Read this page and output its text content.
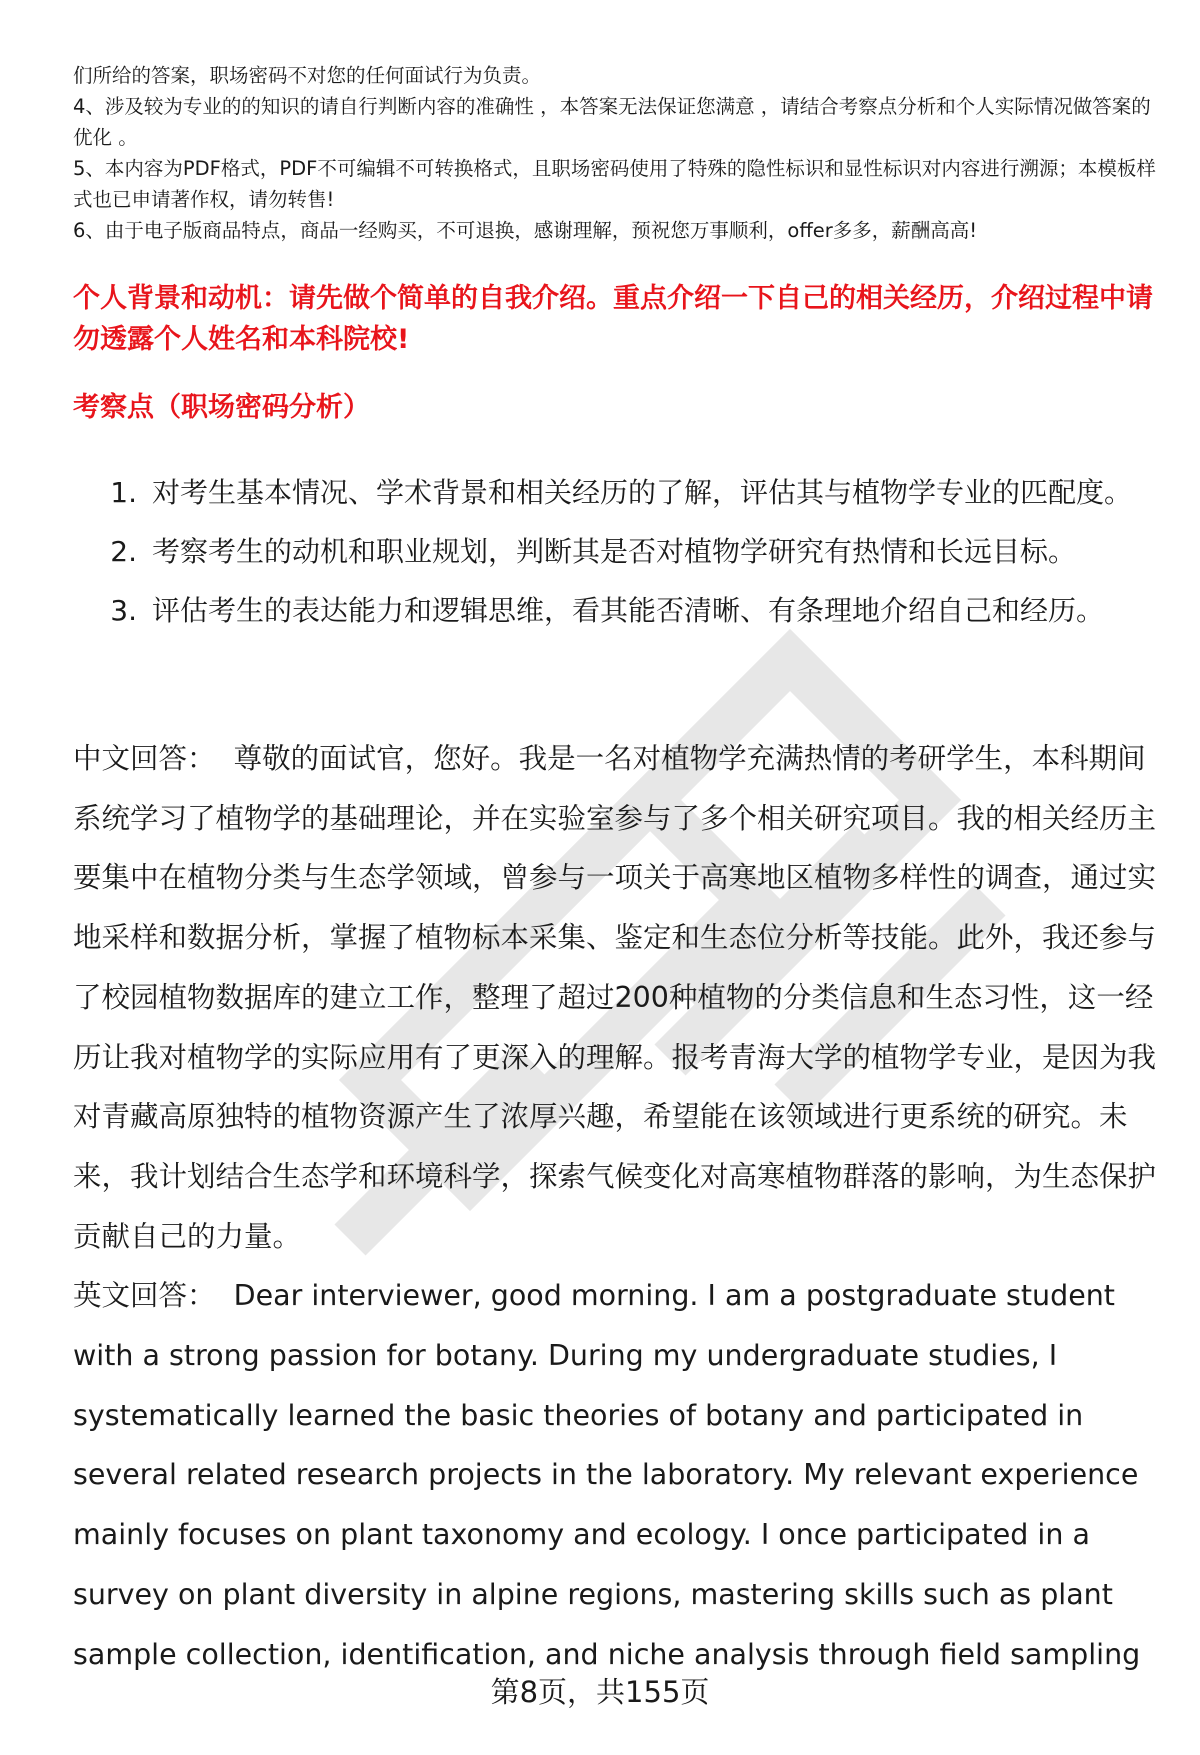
们所给的答案，职场密码不对您的任何面试行为负责。

4、涉及较为专业的的知识的请自行判断内容的准确性 ，本答案无法保证您满意 ，请结合考察点分析和个人实际情况做答案的优化 。

5、本内容为PDF格式，PDF不可编辑不可转换格式，且职场密码使用了特殊的隐性标识和显性标识对内容进行溯源；本模板样式也已申请著作权，请勿转售!

6、由于电子版商品特点，商品一经购买，不可退换，感谢理解，预祝您万事顺利，offer多多，薪酬高高!

个人背景和动机：请先做个简单的自我介绍。重点介绍一下自己的相关经历，介绍过程中请勿透露个人姓名和本科院校!
考察点（职场密码分析）
1. 对考生基本情况、学术背景和相关经历的了解，评估其与植物学专业的匹配度。
2. 考察考生的动机和职业规划，判断其是否对植物学研究有热情和长远目标。
3. 评估考生的表达能力和逻辑思维，看其能否清晰、有条理地介绍自己和经历。

中文回答： 尊敬的面试官，您好。我是一名对植物学充满热情的考研学生，本科期间系统学习了植物学的基础理论，并在实验室参与了多个相关研究项目。我的相关经历主要集中在植物分类与生态学领域，曾参与一项关于高寒地区植物多样性的调查，通过实地采样和数据分析，掌握了植物标本采集、鉴定和生态位分析等技能。此外，我还参与了校园植物数据库的建立工作，整理了超过200种植物的分类信息和生态习性，这一经历让我对植物学的实际应用有了更深入的理解。报考青海大学的植物学专业，是因为我对青藏高原独特的植物资源产生了浓厚兴趣，希望能在该领域进行更系统的研究。未来，我计划结合生态学和环境科学，探索气候变化对高寒植物群落的影响，为生态保护贡献自己的力量。

英文回答： Dear interviewer, good morning. I am a postgraduate student with a strong passion for botany. During my undergraduate studies, I systematically learned the basic theories of botany and participated in several related research projects in the laboratory. My relevant experience mainly focuses on plant taxonomy and ecology. I once participated in a survey on plant diversity in alpine regions, mastering skills such as plant sample collection, identification, and niche analysis through field sampling

第8页，共155页
